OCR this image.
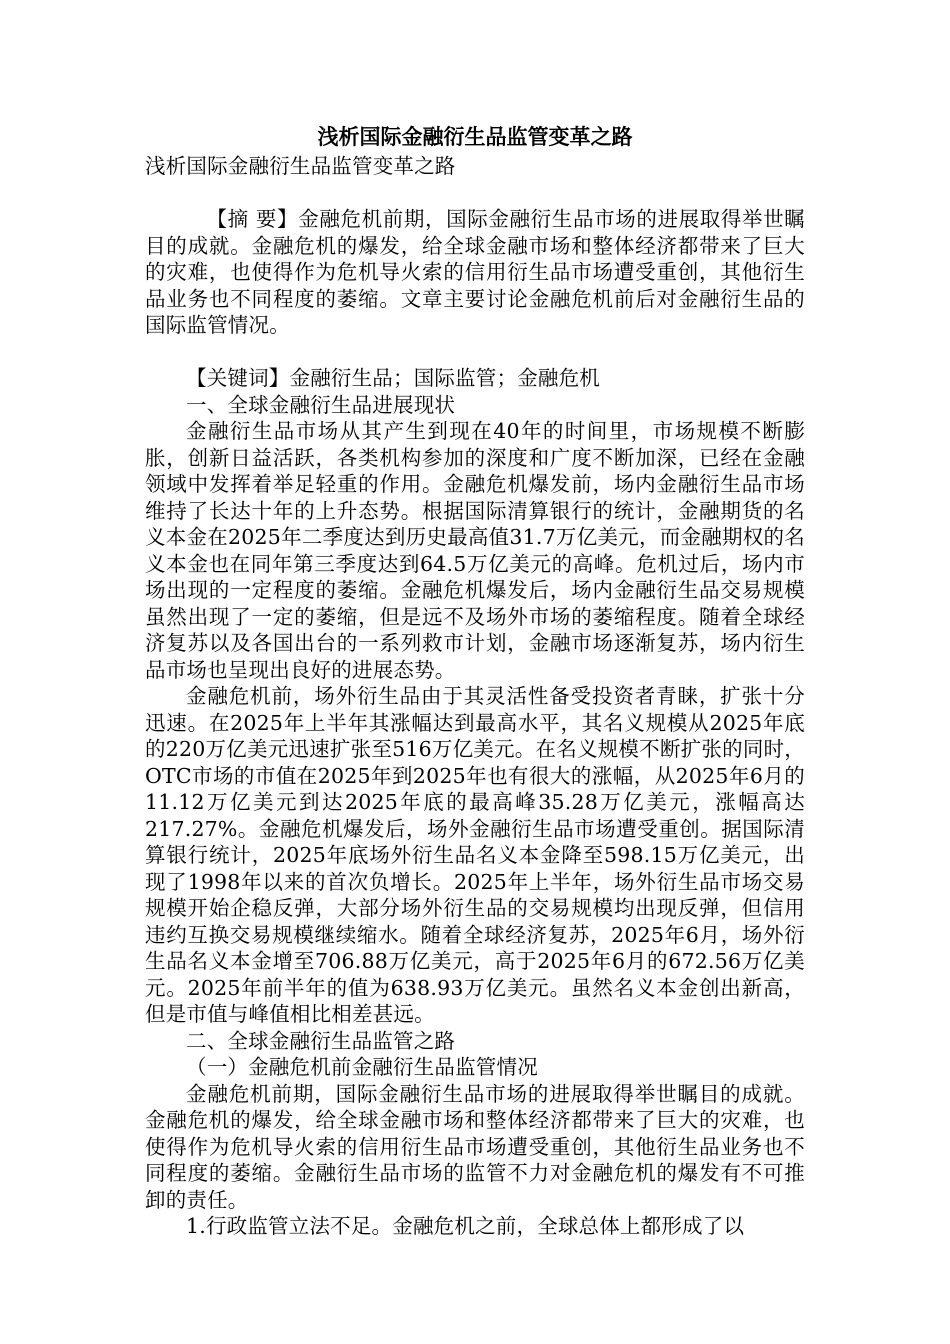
浅析国际金融衍生品监管变革之路

浅析国际金融衍生品监管变革之路

【摘 要】金融危机前期，国际金融衍生品市场的进展取得举世瞩目的成就。金融危机的爆发，给全球金融市场和整体经济都带来了巨大的灾难，也使得作为危机导火索的信用衍生品市场遭受重创，其他衍生品业务也不同程度的萎缩。文章主要讨论金融危机前后对金融衍生品的国际监管情况。

【关键词】金融衍生品；国际监管；金融危机

一、全球金融衍生品进展现状

金融衍生品市场从其产生到现在40年的时间里，市场规模不断膨胀，创新日益活跃，各类机构参加的深度和广度不断加深，已经在金融领域中发挥着举足轻重的作用。金融危机爆发前，场内金融衍生品市场维持了长达十年的上升态势。根据国际清算银行的统计，金融期货的名义本金在2025年二季度达到历史最高值31.7万亿美元，而金融期权的名义本金也在同年第三季度达到64.5万亿美元的高峰。危机过后，场内市场出现的一定程度的萎缩。金融危机爆发后，场内金融衍生品交易规模虽然出现了一定的萎缩，但是远不及场外市场的萎缩程度。随着全球经济复苏以及各国出台的一系列救市计划，金融市场逐渐复苏，场内衍生品市场也呈现出良好的进展态势。

金融危机前，场外衍生品由于其灵活性备受投资者青睐，扩张十分迅速。在2025年上半年其涨幅达到最高水平，其名义规模从2025年底的220万亿美元迅速扩张至516万亿美元。在名义规模不断扩张的同时，OTC市场的市值在2025年到2025年也有很大的涨幅，从2025年6月的11.12万亿美元到达2025年底的最高峰35.28万亿美元，涨幅高达217.27%。金融危机爆发后，场外金融衍生品市场遭受重创。据国际清算银行统计，2025年底场外衍生品名义本金降至598.15万亿美元，出现了1998年以来的首次负增长。2025年上半年，场外衍生品市场交易规模开始企稳反弹，大部分场外衍生品的交易规模均出现反弹，但信用违约互换交易规模继续缩水。随着全球经济复苏，2025年6月，场外衍生品名义本金增至706.88万亿美元，高于2025年6月的672.56万亿美元。2025年前半年的值为638.93万亿美元。虽然名义本金创出新高，但是市值与峰值相比相差甚远。

二、全球金融衍生品监管之路

（一）金融危机前金融衍生品监管情况

金融危机前期，国际金融衍生品市场的进展取得举世瞩目的成就。金融危机的爆发，给全球金融市场和整体经济都带来了巨大的灾难，也使得作为危机导火索的信用衍生品市场遭受重创，其他衍生品业务也不同程度的萎缩。金融衍生品市场的监管不力对金融危机的爆发有不可推卸的责任。

1.行政监管立法不足。金融危机之前，全球总体上都形成了以
